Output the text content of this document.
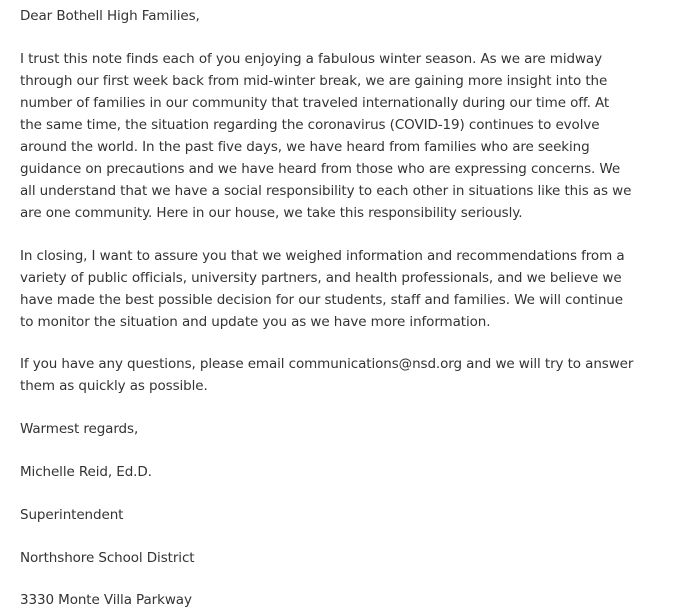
Dear Bothell High Families,
I trust this note finds each of you enjoying a fabulous winter season. As we are midway
through our first week back from mid-winter break, we are gaining more insight into the
number of families in our community that traveled internationally during our time off. At
the same time, the situation regarding the coronavirus (COVID-19) continues to evolve
around the world. In the past five days, we have heard from families who are seeking
guidance on precautions and we have heard from those who are expressing concerns. We
all understand that we have a social responsibility to each other in situations like this as we
are one community. Here in our house, we take this responsibility seriously.
In closing, I want to assure you that we weighed information and recommendations from a
variety of public officials, university partners, and health professionals, and we believe we
have made the best possible decision for our students, staff and families. We will continue
to monitor the situation and update you as we have more information.
If you have any questions, please email communications@nsd.org and we will try to answer
them as quickly as possible.
Warmest regards,
Michelle Reid, Ed.D.
Superintendent
Northshore School District
3330 Monte Villa Parkway
